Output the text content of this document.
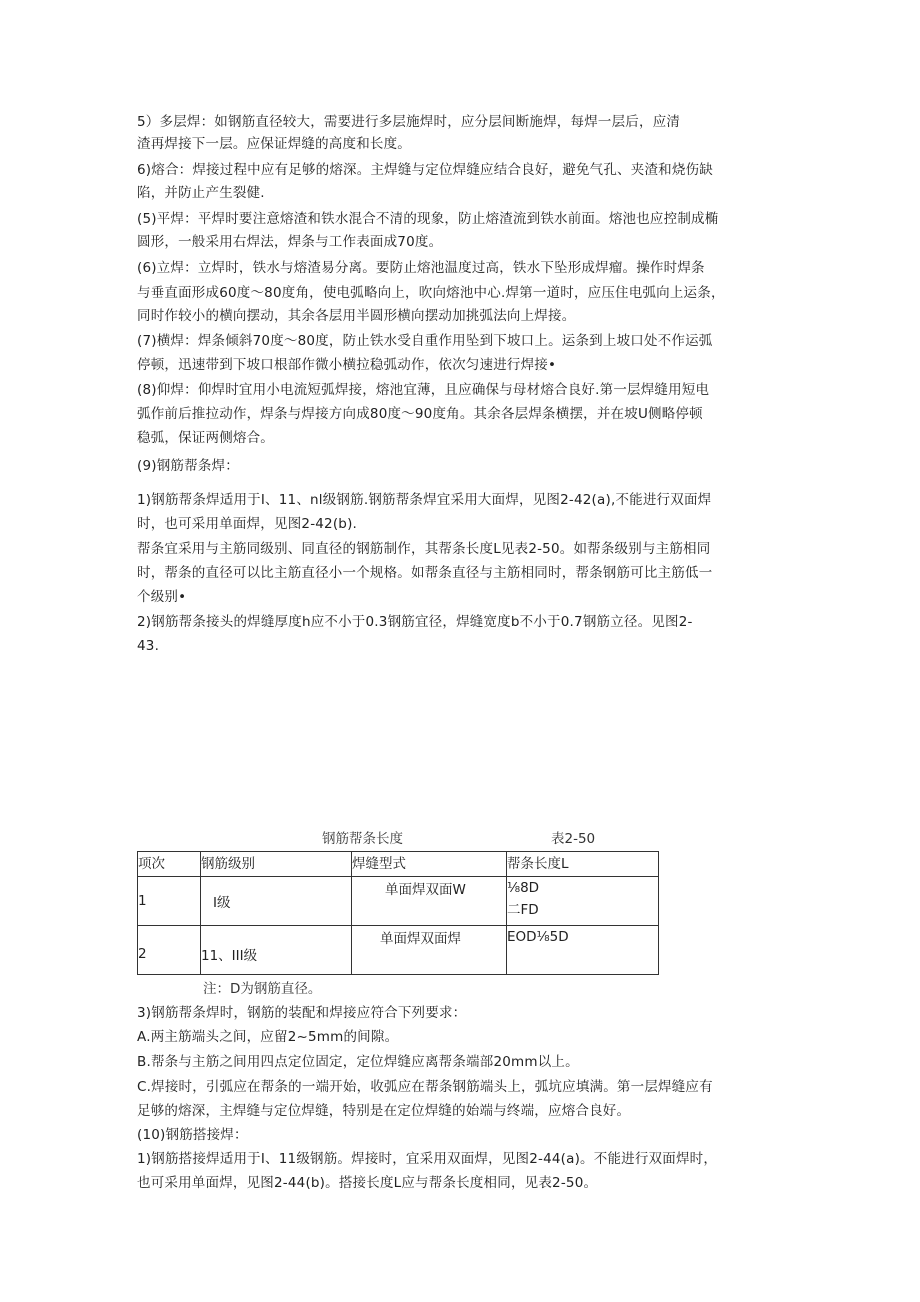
5）多层焊：如钢筋直径较大，需要进行多层施焊时，应分层间断施焊，每焊一层后，应清
渣再焊接下一层。应保证焊缝的高度和长度。
6)熔合：焊接过程中应有足够的熔深。主焊缝与定位焊缝应结合良好，避免气孔、夹渣和烧伤缺
陷，并防止产生裂健.
(5)平焊：平焊时要注意熔渣和铁水混合不清的现象，防止熔渣流到铁水前面。熔池也应控制成椭
圆形，一般采用右焊法，焊条与工作表面成70度。
(6)立焊：立焊时，铁水与熔渣易分离。要防止熔池温度过高，铁水下坠形成焊瘤。操作时焊条
与垂直面形成60度～80度角，使电弧略向上，吹向熔池中心.焊第一道时，应压住电弧向上运条，
同时作较小的横向摆动，其余各层用半圆形横向摆动加挑弧法向上焊接。
(7)横焊：焊条倾斜70度～80度，防止铁水受自重作用坠到下坡口上。运条到上坡口处不作运弧
停顿，迅速带到下坡口根部作微小横拉稳弧动作，依次匀速进行焊接•
(8)仰焊：仰焊时宜用小电流短弧焊接，熔池宜薄，且应确保与母材熔合良好.第一层焊缝用短电
弧作前后推拉动作，焊条与焊接方向成80度～90度角。其余各层焊条横摆，并在坡U侧略停顿
稳弧，保证两侧熔合。
(9)钢筋帮条焊：
1)钢筋帮条焊适用于I、11、nl级钢筋.钢筋帮条焊宜采用大面焊，见图2-42(a),不能进行双面焊
时，也可采用单面焊，见图2-42(b).
帮条宜采用与主筋同级别、同直径的钢筋制作，其帮条长度L见表2-50。如帮条级别与主筋相同
时，帮条的直径可以比主筋直径小一个规格。如帮条直径与主筋相同时，帮条钢筋可比主筋低一
个级别•
2)钢筋帮条接头的焊缝厚度h应不小于0.3钢筋宜径，焊缝宽度b不小于0.7钢筋立径。见图2-
43.
钢筋帮条长度	表2-50
项次	钢筋级别	焊缝型式	帮条长度L

1	I级	单面焊双面W	⅛8D
二FD

2	11、III级	单面焊双面焊	EOD⅛5D
注：D为钢筋直径。
3)钢筋帮条焊时，钢筋的装配和焊接应符合下列要求：
A.两主筋端头之间，应留2~5mm的间隙。
B.帮条与主筋之间用四点定位固定，定位焊缝应离帮条端部20mm以上。
C.焊接时，引弧应在帮条的一端开始，收弧应在帮条钢筋端头上，弧坑应填满。第一层焊缝应有
足够的熔深，主焊缝与定位焊缝，特别是在定位焊缝的始端与终端，应熔合良好。
(10)钢筋搭接焊：
1)钢筋搭接焊适用于I、11级钢筋。焊接时，宜采用双面焊，见图2-44(a)。不能进行双面焊时，
也可采用单面焊，见图2-44(b)。搭接长度L应与帮条长度相同，见表2-50。
